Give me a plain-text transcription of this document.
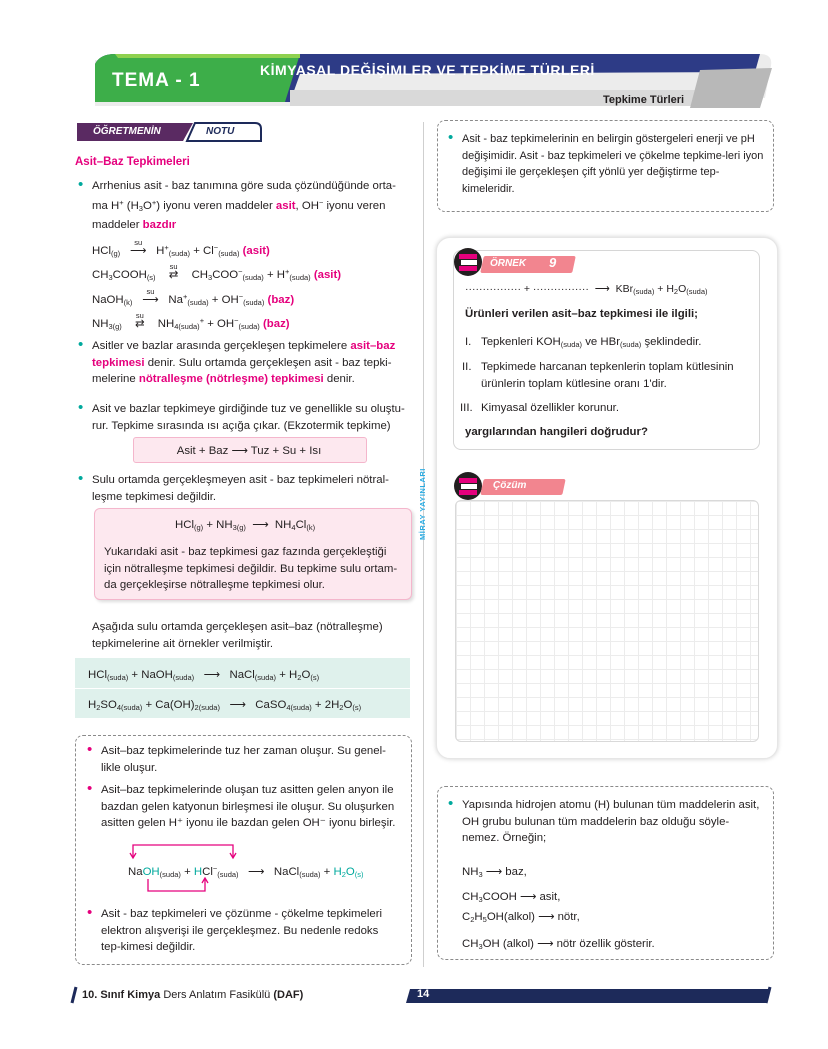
TEMA - 1	KİMYASAL DEĞİŞİMLER VE TEPKİME TÜRLERİ
Tepkime Türleri
ÖĞRETMENİN	NOTU
Asit–Baz Tepkimeleri
• Arrhenius asit - baz tanımına göre suda çözündüğünde orta-
ma H+ $(H_3O^+)$ iyonu veren maddeler asit, OH− iyonu veren
maddeler bazdır
HCl$_{(g)}$
su
⟶ $H^+_{(suda)} + Cl^-_{(suda)}$ (asit)
$CH_3COOH_{(s)}$
su
⇄ $CH_3COO^-_{(suda)} + H^+_{(suda)}$ (asit)
NaOH$_{(k)}$
su
⟶ $Na^+_{(suda)} + OH^-_{(suda)}$ (baz)
$NH_{3(g)}$
su
⇄ $NH_{4(suda)}^+ + OH^-_{(suda)}$ (baz)
• Asitler ve bazlar arasında gerçekleşen tepkimelere asit–baz
tepkimesi denir. Sulu ortamda gerçekleşen asit - baz tepki-
melerine nötralleşme (nötrleşme) tepkimesi denir.
• Asit ve bazlar tepkimeye girdiğinde tuz ve genellikle su oluştu-rur. Tepkime sırasında ısı açığa çıkar. (Ekzotermik tepkime)
Asit + Baz ⟶ Tuz + Su + Isı
• Sulu ortamda gerçekleşmeyen asit - baz tepkimeleri nötral-leşme tepkimesi değildir.
$HCl_{(g)} + NH_{3(g)}$  ⟶  $NH_4Cl_{(k)}$
Yukarıdaki asit - baz tepkimesi gaz fazında gerçekleştiği için nötralleşme tepkimesi değildir. Bu tepkime sulu ortam-da gerçekleşirse nötralleşme tepkimesi olur.
Aşağıda sulu ortamda gerçekleşen asit–baz (nötralleşme) tepkimelerine ait örnekler verilmiştir.
HCl$_{(suda)}$ + NaOH$_{(suda)}$   ⟶   NaCl$_{(suda)}$ + $H_2O_{(s)}$
$H_2SO_{4(suda)} + Ca(OH)_{2(suda)}$   ⟶   CaSO$_{4(suda)}$ + $2H_2O_{(s)}$
• Asit–baz tepkimelerinde tuz her zaman oluşur. Su genel-likle oluşur.
• Asit–baz tepkimelerinde oluşan tuz asitten gelen anyon ile bazdan gelen katyonun birleşmesi ile oluşur. Su oluşurken asitten gelen H⁺ iyonu ile bazdan gelen OH⁻ iyonu birleşir.
NaOH$_{(suda)}$ + HCl−$_{(suda)}$   ⟶   NaCl$_{(suda)}$ + $H_2O_{(s)}$
• Asit - baz tepkimeleri ve çözünme - çökelme tepkimeleri elektron alışverişi ile gerçekleşmez. Bu nedenle redoks tep-kimesi değildir.
MİRAY YAYINLARI
• Asit - baz tepkimelerinin en belirgin göstergeleri enerji ve pH değişimidir. Asit - baz tepkimeleri ve çökelme tepkime-leri iyon değişimi ile gerçekleşen çift yönlü yer değiştirme tep-kimeleridir.
ÖRNEK 9
················ + ················  ⟶  $KBr_{(suda)} + H_2O_{(suda)}$
Ürünleri verilen asit–baz tepkimesi ile ilgili;
I. Tepkenleri $KOH_{(suda)}$ ve HBr$_{(suda)}$ şeklindedir.
II. Tepkimede harcanan tepkenlerin toplam kütlesinin ürünlerin toplam kütlesine oranı 1'dir.
III. Kimyasal özellikler korunur.
yargılarından hangileri doğrudur?
Çözüm
• Yapısında hidrojen atomu (H) bulunan tüm maddelerin asit, OH grubu bulunan tüm maddelerin baz olduğu söyle-nemez. Örneğin;
$NH_3$ ⟶ baz,
$CH_3COOH$ ⟶ asit,
$C_2H_5OH(alkol)$ ⟶ nötr,
$CH_3OH$ (alkol) ⟶ nötr özellik gösterir.
10. Sınıf Kimya Ders Anlatım Fasikülü (DAF)	14
